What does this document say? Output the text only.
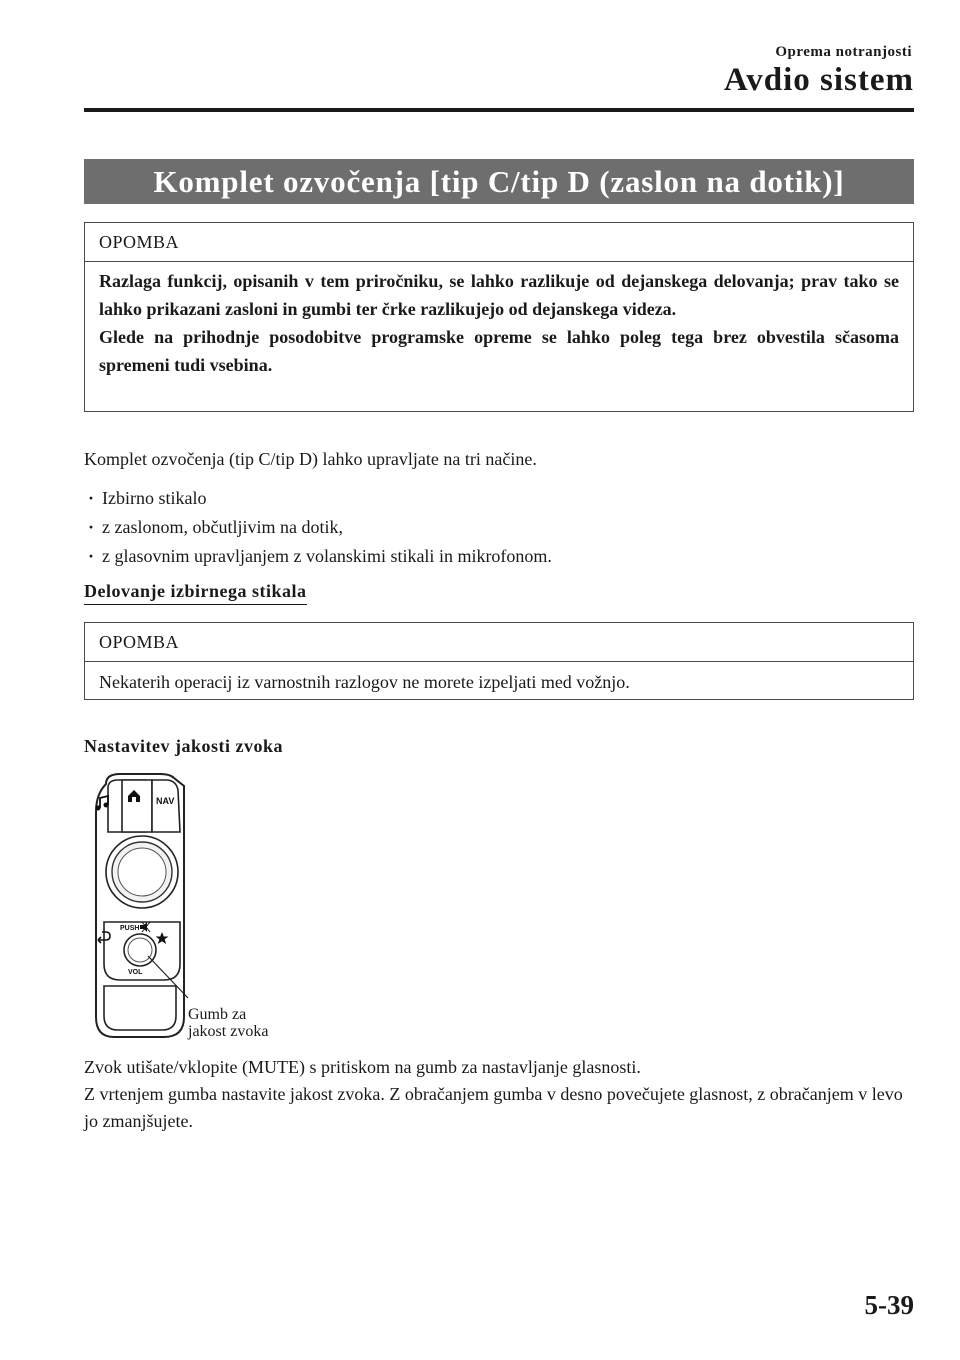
Oprema notranjosti
Avdio sistem
Komplet ozvočenja [tip C/tip D (zaslon na dotik)]
OPOMBA

Razlaga funkcij, opisanih v tem priročniku, se lahko razlikuje od dejanskega delovanja; prav tako se lahko prikazani zasloni in gumbi ter črke razlikujejo od dejanskega videza.

Glede na prihodnje posodobitve programske opreme se lahko poleg tega brez obvestila sčasoma spremeni tudi vsebina.

Komplet ozvočenja (tip C/tip D) lahko upravljate na tri načine.
· Izbirno stikalo
· z zaslonom, občutljivim na dotik,
· z glasovnim upravljanjem z volanskimi stikali in mikrofonom.
Delovanje izbirnega stikala
OPOMBA
Nekaterih operacij iz varnostnih razlogov ne morete izpeljati med vožnjo.
Nastavitev jakosti zvoka
NAV
PUSH
VOL
Gumb za
jakost zvoka

Zvok utišate/vklopite (MUTE) s pritiskom na gumb za nastavljanje glasnosti.

Z vrtenjem gumba nastavite jakost zvoka. Z obračanjem gumba v desno povečujete glasnost, z obračanjem v levo jo zmanjšujete.

5-39
